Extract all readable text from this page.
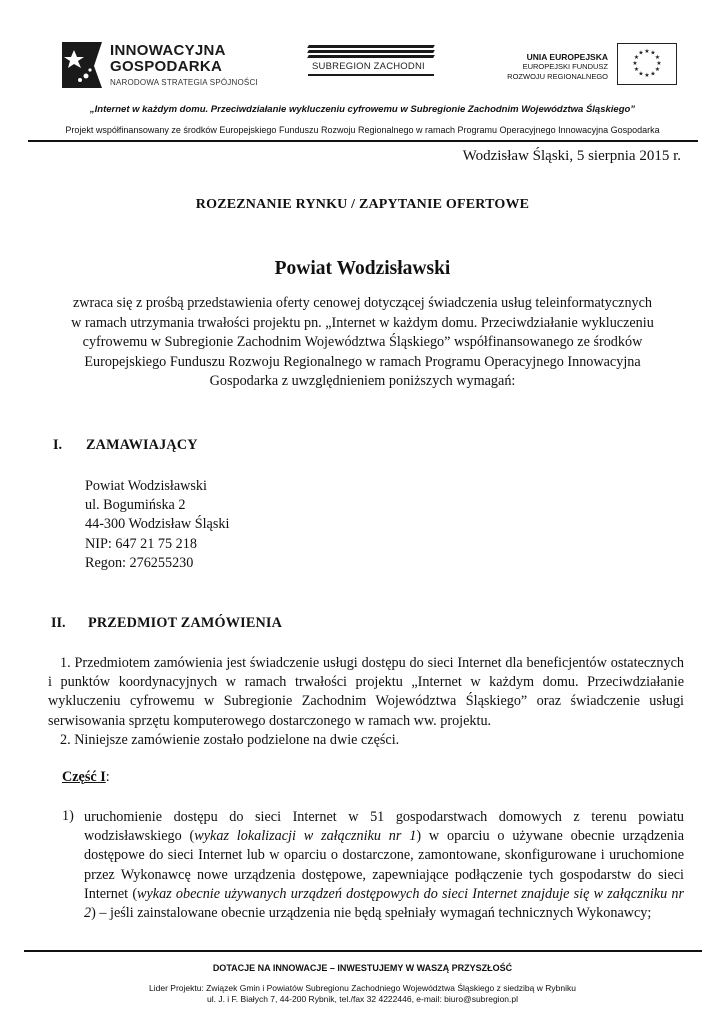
INNOWACYJNA
GOSPODARKA
NARODOWA STRATEGIA SPÓJNOŚCI
SUBREGION ZACHODNI
UNIA EUROPEJSKA
EUROPEJSKI FUNDUSZ
ROZWOJU REGIONALNEGO
★ ★
★
★
★
★
★
★
★
★
★
★
„Internet w każdym domu. Przeciwdziałanie wykluczeniu cyfrowemu w Subregionie Zachodnim Województwa Śląskiego”
Projekt współfinansowany ze środków Europejskiego Funduszu Rozwoju Regionalnego w ramach Programu Operacyjnego Innowacyjna Gospodarka
Wodzisław Śląski, 5 sierpnia 2015 r.
ROZEZNANIE RYNKU / ZAPYTANIE OFERTOWE
Powiat Wodzisławski
zwraca się z prośbą przedstawienia oferty cenowej dotyczącej świadczenia usług teleinformatycznych
w ramach utrzymania trwałości projektu pn. „Internet w każdym domu. Przeciwdziałanie wykluczeniu
cyfrowemu w Subregionie Zachodnim Województwa Śląskiego” współfinansowanego ze środków
Europejskiego Funduszu Rozwoju Regionalnego w ramach Programu Operacyjnego Innowacyjna
Gospodarka z uwzględnieniem poniższych wymagań:
I. ZAMAWIAJĄCY
Powiat Wodzisławski
ul. Bogumińska 2
44-300 Wodzisław Śląski
NIP: 647 21 75 218
Regon: 276255230
II. PRZEDMIOT ZAMÓWIENIA
1. Przedmiotem zamówienia jest świadczenie usługi dostępu do sieci Internet dla beneficjentów ostatecznych i punktów koordynacyjnych w ramach trwałości projektu „Internet w każdym domu. Przeciwdziałanie wykluczeniu cyfrowemu w Subregionie Zachodnim Województwa Śląskiego” oraz świadczenie usługi serwisowania sprzętu komputerowego dostarczonego w ramach ww. projektu.
2. Niniejsze zamówienie zostało podzielone na dwie części.
Część I:
1) uruchomienie dostępu do sieci Internet w 51 gospodarstwach domowych z terenu powiatu wodzisławskiego (wykaz lokalizacji w załączniku nr 1) w oparciu o używane obecnie urządzenia dostępowe do sieci Internet lub w oparciu o dostarczone, zamontowane, skonfigurowane i uruchomione przez Wykonawcę nowe urządzenia dostępowe, zapewniające podłączenie tych gospodarstw do sieci Internet (wykaz obecnie używanych urządzeń dostępowych do sieci Internet znajduje się w załączniku nr 2) – jeśli zainstalowane obecnie urządzenia nie będą spełniały wymagań technicznych Wykonawcy;
DOTACJE NA INNOWACJE – INWESTUJEMY W WASZĄ PRZYSZŁOŚĆ
Lider Projektu: Związek Gmin i Powiatów Subregionu Zachodniego Województwa Śląskiego z siedzibą w Rybniku
ul. J. i F. Białych 7, 44-200 Rybnik, tel./fax 32 4222446, e-mail: biuro@subregion.pl
